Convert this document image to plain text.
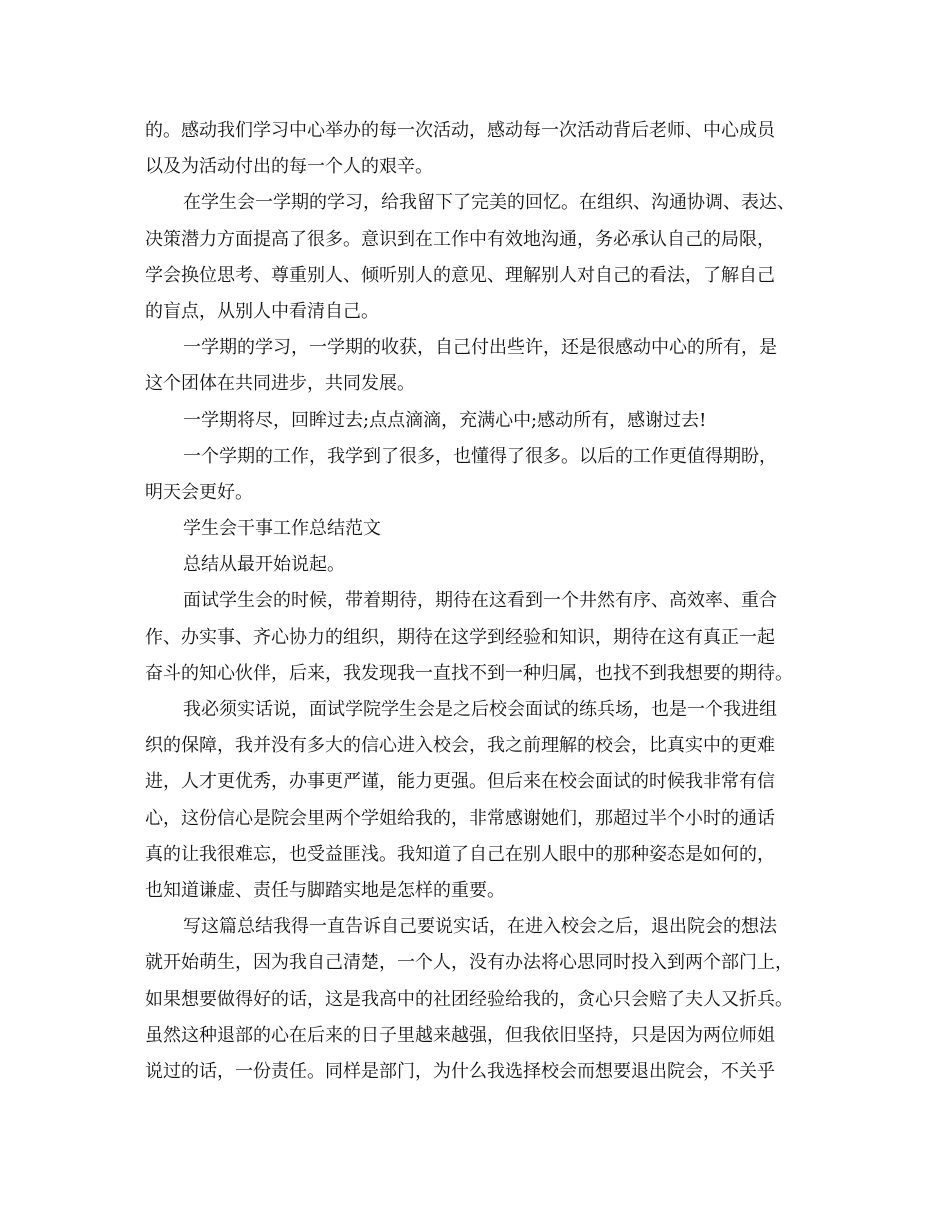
的。感动我们学习中心举办的每一次活动，感动每一次活动背后老师、中心成员
以及为活动付出的每一个人的艰辛。
在学生会一学期的学习，给我留下了完美的回忆。在组织、沟通协调、表达、
决策潜力方面提高了很多。意识到在工作中有效地沟通，务必承认自己的局限，
学会换位思考、尊重别人、倾听别人的意见、理解别人对自己的看法，了解自己
的盲点，从别人中看清自己。
一学期的学习，一学期的收获，自己付出些许，还是很感动中心的所有，是
这个团体在共同进步，共同发展。
一学期将尽，回眸过去;点点滴滴，充满心中;感动所有，感谢过去!
一个学期的工作，我学到了很多，也懂得了很多。以后的工作更值得期盼，
明天会更好。
学生会干事工作总结范文
总结从最开始说起。
面试学生会的时候，带着期待，期待在这看到一个井然有序、高效率、重合
作、办实事、齐心协力的组织，期待在这学到经验和知识，期待在这有真正一起
奋斗的知心伙伴，后来，我发现我一直找不到一种归属，也找不到我想要的期待。
我必须实话说，面试学院学生会是之后校会面试的练兵场，也是一个我进组
织的保障，我并没有多大的信心进入校会，我之前理解的校会，比真实中的更难
进，人才更优秀，办事更严谨，能力更强。但后来在校会面试的时候我非常有信
心，这份信心是院会里两个学姐给我的，非常感谢她们，那超过半个小时的通话
真的让我很难忘，也受益匪浅。我知道了自己在别人眼中的那种姿态是如何的，
也知道谦虚、责任与脚踏实地是怎样的重要。
写这篇总结我得一直告诉自己要说实话，在进入校会之后，退出院会的想法
就开始萌生，因为我自己清楚，一个人，没有办法将心思同时投入到两个部门上，
如果想要做得好的话，这是我高中的社团经验给我的，贪心只会赔了夫人又折兵。
虽然这种退部的心在后来的日子里越来越强，但我依旧坚持，只是因为两位师姐
说过的话，一份责任。同样是部门，为什么我选择校会而想要退出院会，不关乎
